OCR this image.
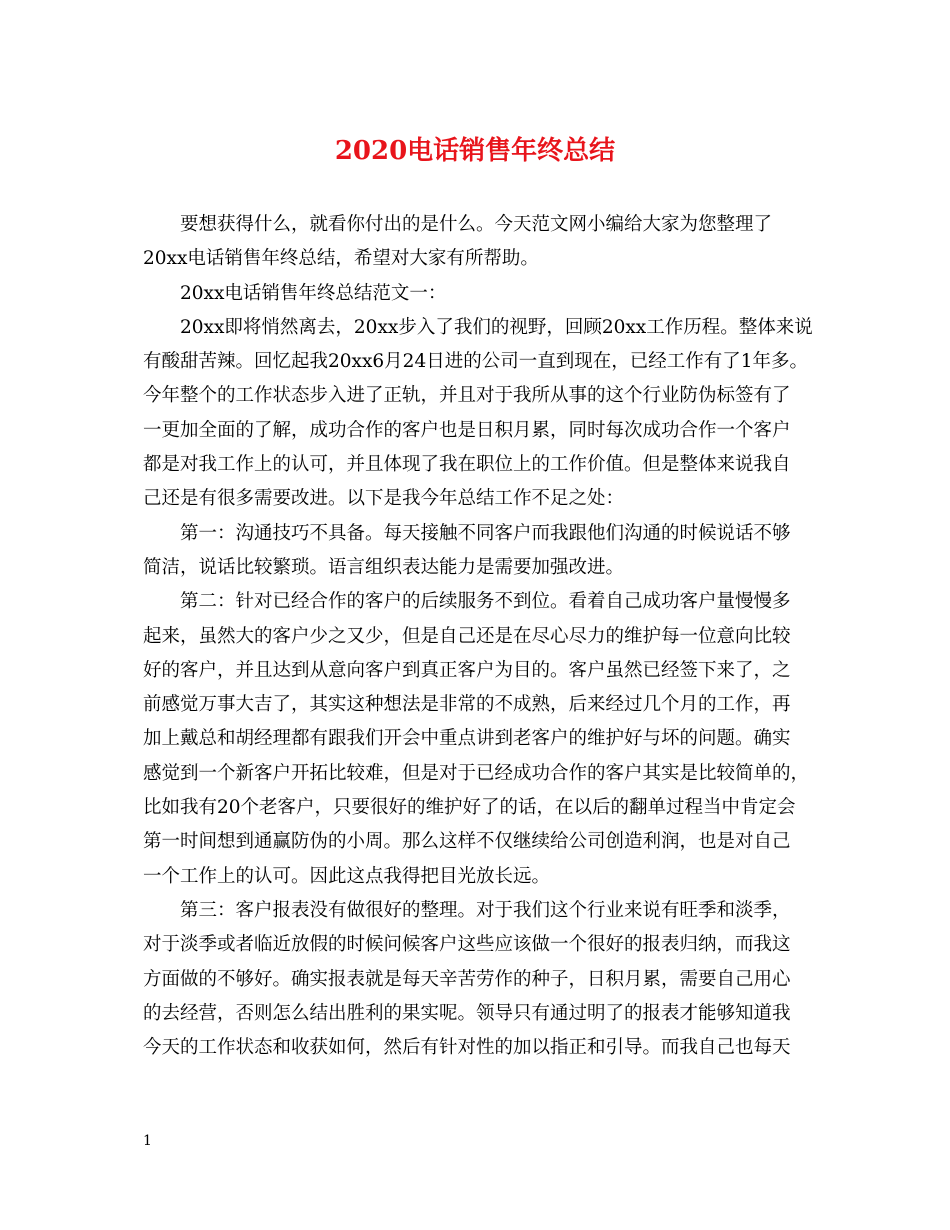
2020电话销售年终总结
要想获得什么，就看你付出的是什么。今天范文网小编给大家为您整理了
20xx电话销售年终总结，希望对大家有所帮助。
20xx电话销售年终总结范文一：
20xx即将悄然离去，20xx步入了我们的视野，回顾20xx工作历程。整体来说
有酸甜苦辣。回忆起我20xx6月24日进的公司一直到现在，已经工作有了1年多。
今年整个的工作状态步入进了正轨，并且对于我所从事的这个行业防伪标签有了
一更加全面的了解，成功合作的客户也是日积月累，同时每次成功合作一个客户
都是对我工作上的认可，并且体现了我在职位上的工作价值。但是整体来说我自
己还是有很多需要改进。以下是我今年总结工作不足之处：
第一：沟通技巧不具备。每天接触不同客户而我跟他们沟通的时候说话不够
简洁，说话比较繁琐。语言组织表达能力是需要加强改进。
第二：针对已经合作的客户的后续服务不到位。看着自己成功客户量慢慢多
起来，虽然大的客户少之又少，但是自己还是在尽心尽力的维护每一位意向比较
好的客户，并且达到从意向客户到真正客户为目的。客户虽然已经签下来了，之
前感觉万事大吉了，其实这种想法是非常的不成熟，后来经过几个月的工作，再
加上戴总和胡经理都有跟我们开会中重点讲到老客户的维护好与坏的问题。确实
感觉到一个新客户开拓比较难，但是对于已经成功合作的客户其实是比较简单的，
比如我有20个老客户，只要很好的维护好了的话，在以后的翻单过程当中肯定会
第一时间想到通赢防伪的小周。那么这样不仅继续给公司创造利润，也是对自己
一个工作上的认可。因此这点我得把目光放长远。
第三：客户报表没有做很好的整理。对于我们这个行业来说有旺季和淡季，
对于淡季或者临近放假的时候问候客户这些应该做一个很好的报表归纳，而我这
方面做的不够好。确实报表就是每天辛苦劳作的种子，日积月累，需要自己用心
的去经营，否则怎么结出胜利的果实呢。领导只有通过明了的报表才能够知道我
今天的工作状态和收获如何，然后有针对性的加以指正和引导。而我自己也每天
1
